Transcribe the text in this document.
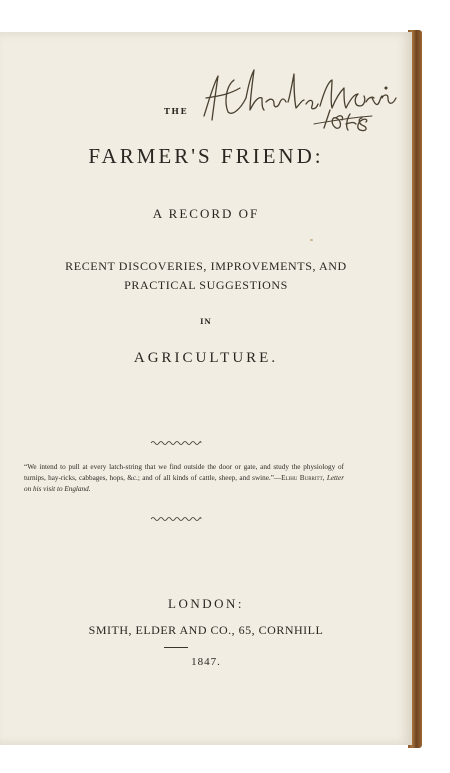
THE
FARMER'S FRIEND:
A RECORD OF
RECENT DISCOVERIES, IMPROVEMENTS, AND
PRACTICAL SUGGESTIONS
IN
AGRICULTURE.
“We intend to pull at every latch-string that we find outside the door or gate, and study the physiology of turnips, hay-ricks, cabbages, hops, &c.; and of all kinds of cattle, sheep, and swine.”—Elihu Burritt, Letter on his visit to England.
LONDON:
SMITH, ELDER AND CO., 65, CORNHILL
1847.
